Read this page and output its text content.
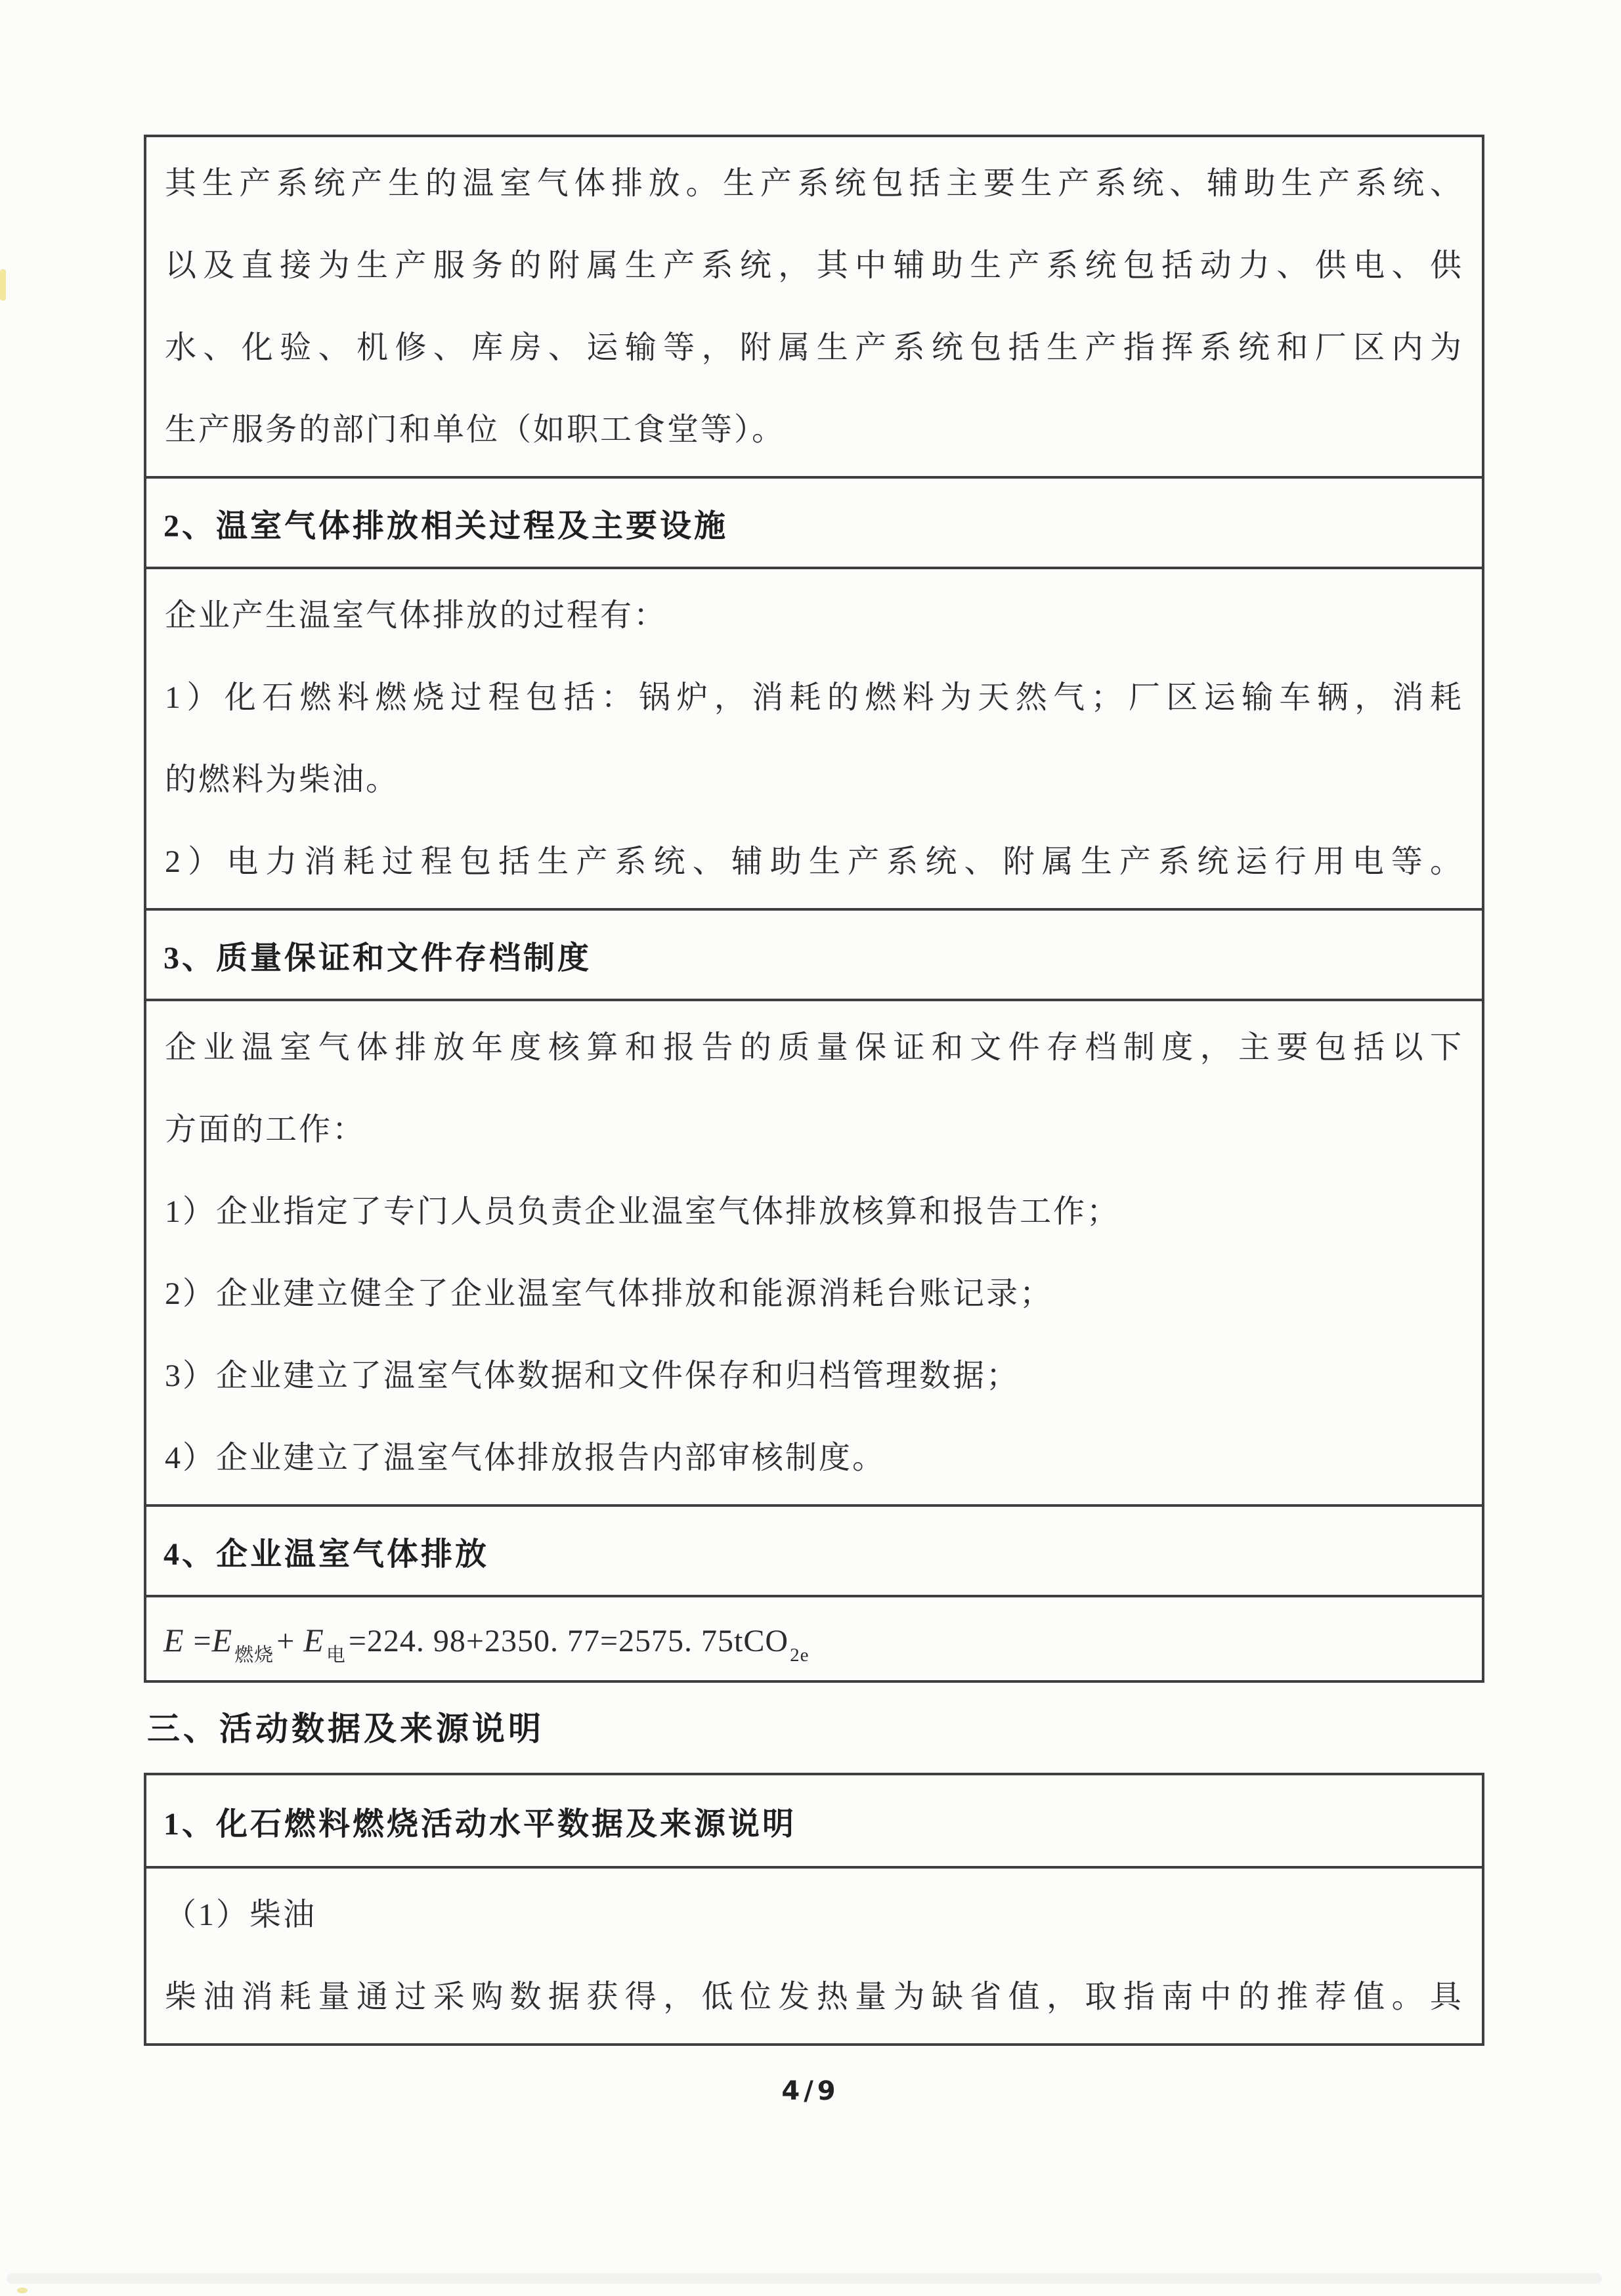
其生产系统产生的温室气体排放。生产系统包括主要生产系统、辅助生产系统、
以及直接为生产服务的附属生产系统，其中辅助生产系统包括动力、供电、供
水、化验、机修、库房、运输等，附属生产系统包括生产指挥系统和厂区内为
生产服务的部门和单位（如职工食堂等）。
2、温室气体排放相关过程及主要设施
企业产生温室气体排放的过程有：
1）化石燃料燃烧过程包括：锅炉，消耗的燃料为天然气；厂区运输车辆，消耗
的燃料为柴油。
2）电力消耗过程包括生产系统、辅助生产系统、附属生产系统运行用电等。
3、质量保证和文件存档制度
企业温室气体排放年度核算和报告的质量保证和文件存档制度，主要包括以下
方面的工作：
1）企业指定了专门人员负责企业温室气体排放核算和报告工作；
2）企业建立健全了企业温室气体排放和能源消耗台账记录；
3）企业建立了温室气体数据和文件保存和归档管理数据；
4）企业建立了温室气体排放报告内部审核制度。
4、企业温室气体排放
E =E $_{燃烧}$+ E $_电$=224. 98+2350. 77=2575. 75tCO$_{2e}$
三、活动数据及来源说明
1、化石燃料燃烧活动水平数据及来源说明
（1）柴油
柴油消耗量通过采购数据获得，低位发热量为缺省值，取指南中的推荐值。具
4/9
